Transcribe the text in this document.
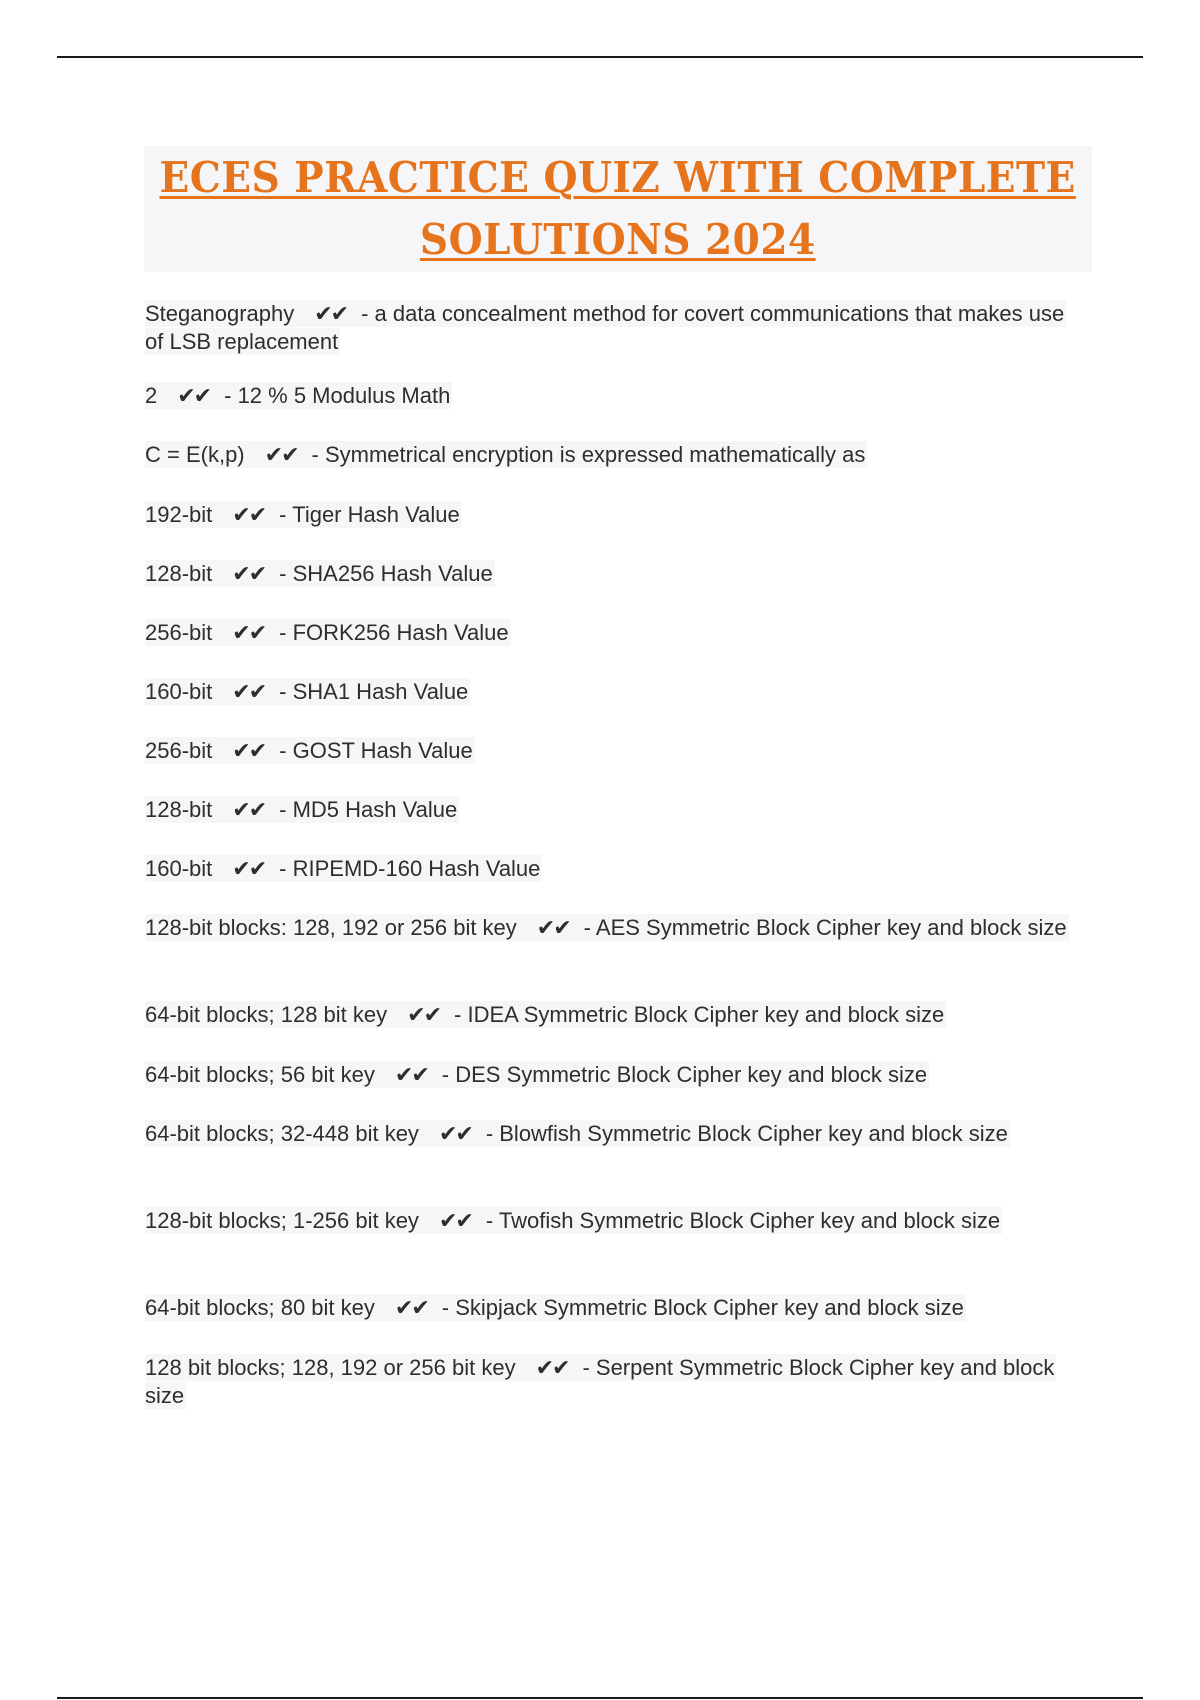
ECES PRACTICE QUIZ WITH COMPLETE
SOLUTIONS 2024
Steganography ✔✔ - a data concealment method for covert communications that makes use of LSB replacement
2 ✔✔ - 12 % 5 Modulus Math
C = E(k,p) ✔✔ - Symmetrical encryption is expressed mathematically as
192-bit ✔✔ - Tiger Hash Value
128-bit ✔✔ - SHA256 Hash Value
256-bit ✔✔ - FORK256 Hash Value
160-bit ✔✔ - SHA1 Hash Value
256-bit ✔✔ - GOST Hash Value
128-bit ✔✔ - MD5 Hash Value
160-bit ✔✔ - RIPEMD-160 Hash Value
128-bit blocks: 128, 192 or 256 bit key ✔✔ - AES Symmetric Block Cipher key and block size
64-bit blocks; 128 bit key ✔✔ - IDEA Symmetric Block Cipher key and block size
64-bit blocks; 56 bit key ✔✔ - DES Symmetric Block Cipher key and block size
64-bit blocks; 32-448 bit key ✔✔ - Blowfish Symmetric Block Cipher key and block size
128-bit blocks; 1-256 bit key ✔✔ - Twofish Symmetric Block Cipher key and block size
64-bit blocks; 80 bit key ✔✔ - Skipjack Symmetric Block Cipher key and block size
128 bit blocks; 128, 192 or 256 bit key ✔✔ - Serpent Symmetric Block Cipher key and block size
